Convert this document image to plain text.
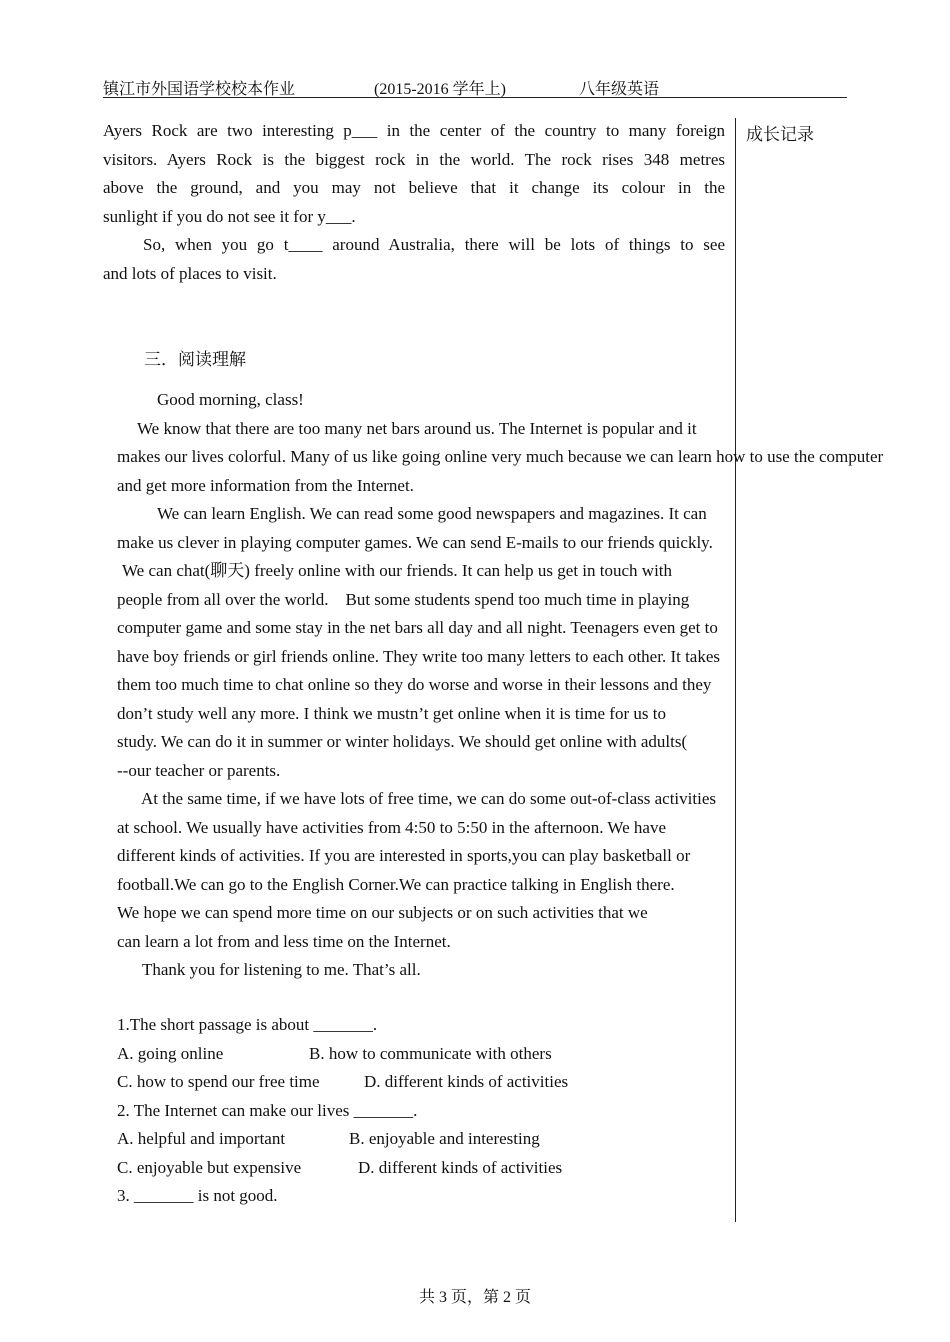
镇江市外国语学校校本作业	(2015-2016 学年上)	八年级英语
成长记录
Ayers Rock are two interesting p___ in the center of the country to many foreign
visitors. Ayers Rock is the biggest rock in the world. The rock rises 348 metres
above the ground, and you may not believe that it change its colour in the
sunlight if you do not see it for y___.
So, when you go t____ around Australia, there will be lots of things to see
and lots of places to visit.
三．阅读理解
Good morning, class!
We know that there are too many net bars around us. The Internet is popular and it
makes our lives colorful. Many of us like going online very much because we can learn how to use the computer
and get more information from the Internet.
We can learn English. We can read some good newspapers and magazines. It can
make us clever in playing computer games. We can send E-mails to our friends quickly.
We can chat(聊天) freely online with our friends. It can help us get in touch with
people from all over the world.　But some students spend too much time in playing
computer game and some stay in the net bars all day and all night. Teenagers even get to
have boy friends or girl friends online. They write too many letters to each other. It takes
them too much time to chat online so they do worse and worse in their lessons and they
don’t study well any more. I think we mustn’t get online when it is time for us to
study. We can do it in summer or winter holidays. We should get online with adults(
--our teacher or parents.
At the same time, if we have lots of free time, we can do some out-of-class activities
at school. We usually have activities from 4:50 to 5:50 in the afternoon. We have
different kinds of activities. If you are interested in sports,you can play basketball or
football.We can go to the English Corner.We can practice talking in English there.
We hope we can spend more time on our subjects or on such activities that we
can learn a lot from and less time on the Internet.
Thank you for listening to me. That’s all.
1.The short passage is about _______.
A. going online	B. how to communicate with others
C. how to spend our free time	D. different kinds of activities
2. The Internet can make our lives _______.
A. helpful and important	B. enjoyable and interesting
C. enjoyable but expensive	D. different kinds of activities
3. _______ is not good.
共 3 页，第 2 页
